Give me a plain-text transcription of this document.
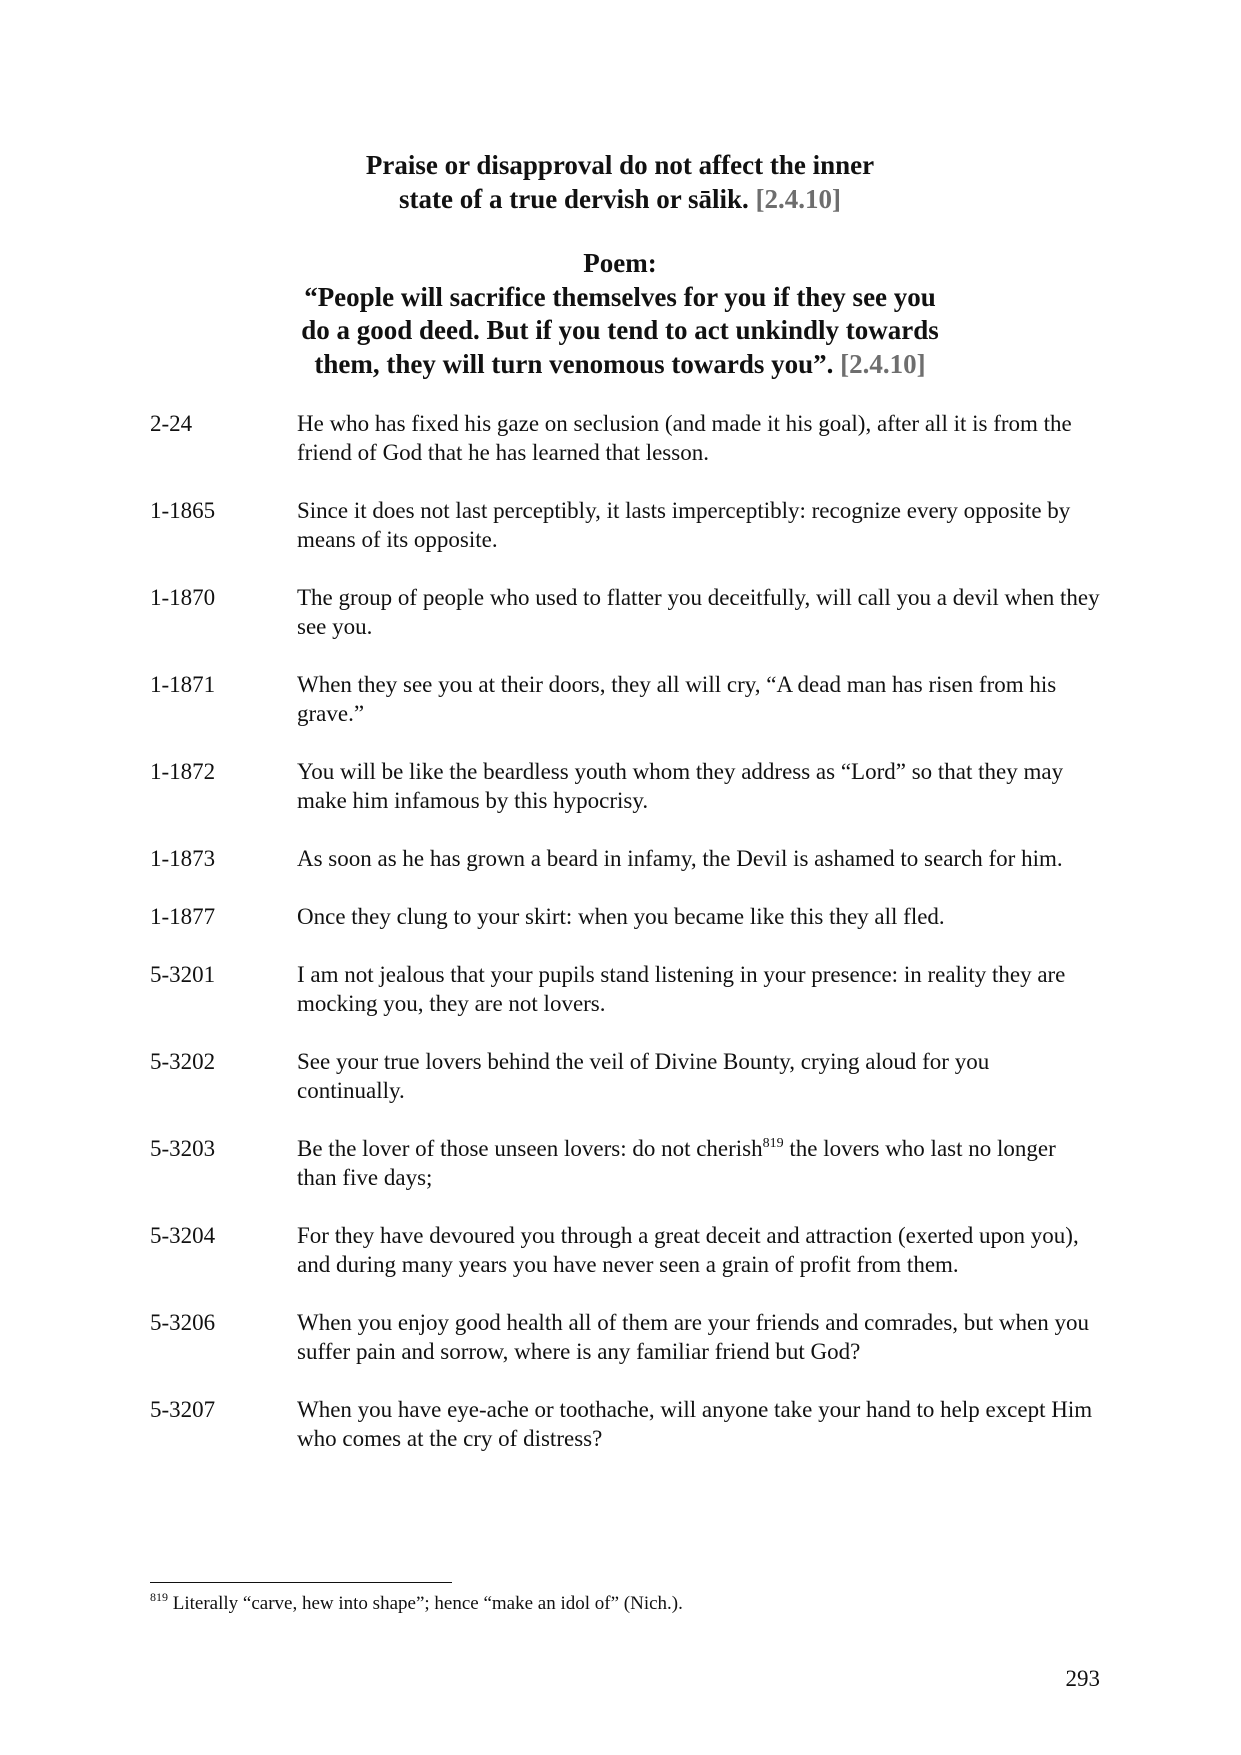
Praise or disapproval do not affect the inner
state of a true dervish or sālik. [2.4.10]
Poem:
“People will sacrifice themselves for you if they see you
do a good deed. But if you tend to act unkindly towards
them, they will turn venomous towards you”. [2.4.10]
2-24	He who has fixed his gaze on seclusion (and made it his goal), after all it is from the friend of God that he has learned that lesson.
1-1865	Since it does not last perceptibly, it lasts imperceptibly: recognize every opposite by means of its opposite.
1-1870	The group of people who used to flatter you deceitfully, will call you a devil when they see you.
1-1871	When they see you at their doors, they all will cry, “A dead man has risen from his grave.”
1-1872	You will be like the beardless youth whom they address as “Lord” so that they may make him infamous by this hypocrisy.
1-1873	As soon as he has grown a beard in infamy, the Devil is ashamed to search for him.
1-1877	Once they clung to your skirt: when you became like this they all fled.
5-3201	I am not jealous that your pupils stand listening in your presence: in reality they are mocking you, they are not lovers.
5-3202	See your true lovers behind the veil of Divine Bounty, crying aloud for you continually.
5-3203	Be the lover of those unseen lovers: do not cherish$^{819}$ the lovers who last no longer than five days;
5-3204	For they have devoured you through a great deceit and attraction (exerted upon you), and during many years you have never seen a grain of profit from them.
5-3206	When you enjoy good health all of them are your friends and comrades, but when you suffer pain and sorrow, where is any familiar friend but God?
5-3207	When you have eye-ache or toothache, will anyone take your hand to help except Him who comes at the cry of distress?
$^{819}$ Literally “carve, hew into shape”; hence “make an idol of” (Nich.).
293
